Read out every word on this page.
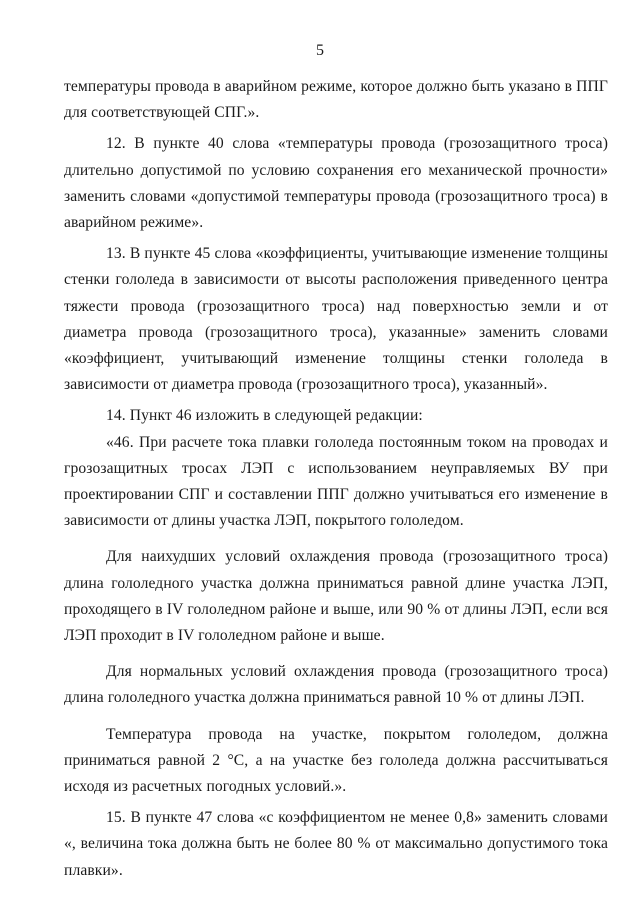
5

температуры провода в аварийном режиме, которое должно быть указано в ППГ для соответствующей СПГ.».

12. В пункте 40 слова «температуры провода (грозозащитного троса) длительно допустимой по условию сохранения его механической прочности» заменить словами «допустимой температуры провода (грозозащитного троса) в аварийном режиме».

13. В пункте 45 слова «коэффициенты, учитывающие изменение толщины стенки гололеда в зависимости от высоты расположения приведенного центра тяжести провода (грозозащитного троса) над поверхностью земли и от диаметра провода (грозозащитного троса), указанные» заменить словами «коэффициент, учитывающий изменение толщины стенки гололеда в зависимости от диаметра провода (грозозащитного троса), указанный».

14. Пункт 46 изложить в следующей редакции:

«46. При расчете тока плавки гололеда постоянным током на проводах и грозозащитных тросах ЛЭП с использованием неуправляемых ВУ при проектировании СПГ и составлении ППГ должно учитываться его изменение в зависимости от длины участка ЛЭП, покрытого гололедом.

Для наихудших условий охлаждения провода (грозозащитного троса) длина гололедного участка должна приниматься равной длине участка ЛЭП, проходящего в IV гололедном районе и выше, или 90 % от длины ЛЭП, если вся ЛЭП проходит в IV гололедном районе и выше.

Для нормальных условий охлаждения провода (грозозащитного троса) длина гололедного участка должна приниматься равной 10 % от длины ЛЭП.

Температура провода на участке, покрытом гололедом, должна приниматься равной 2 °С, а на участке без гололеда должна рассчитываться исходя из расчетных погодных условий.».

15. В пункте 47 слова «с коэффициентом не менее 0,8» заменить словами «, величина тока должна быть не более 80 % от максимально допустимого тока плавки».
